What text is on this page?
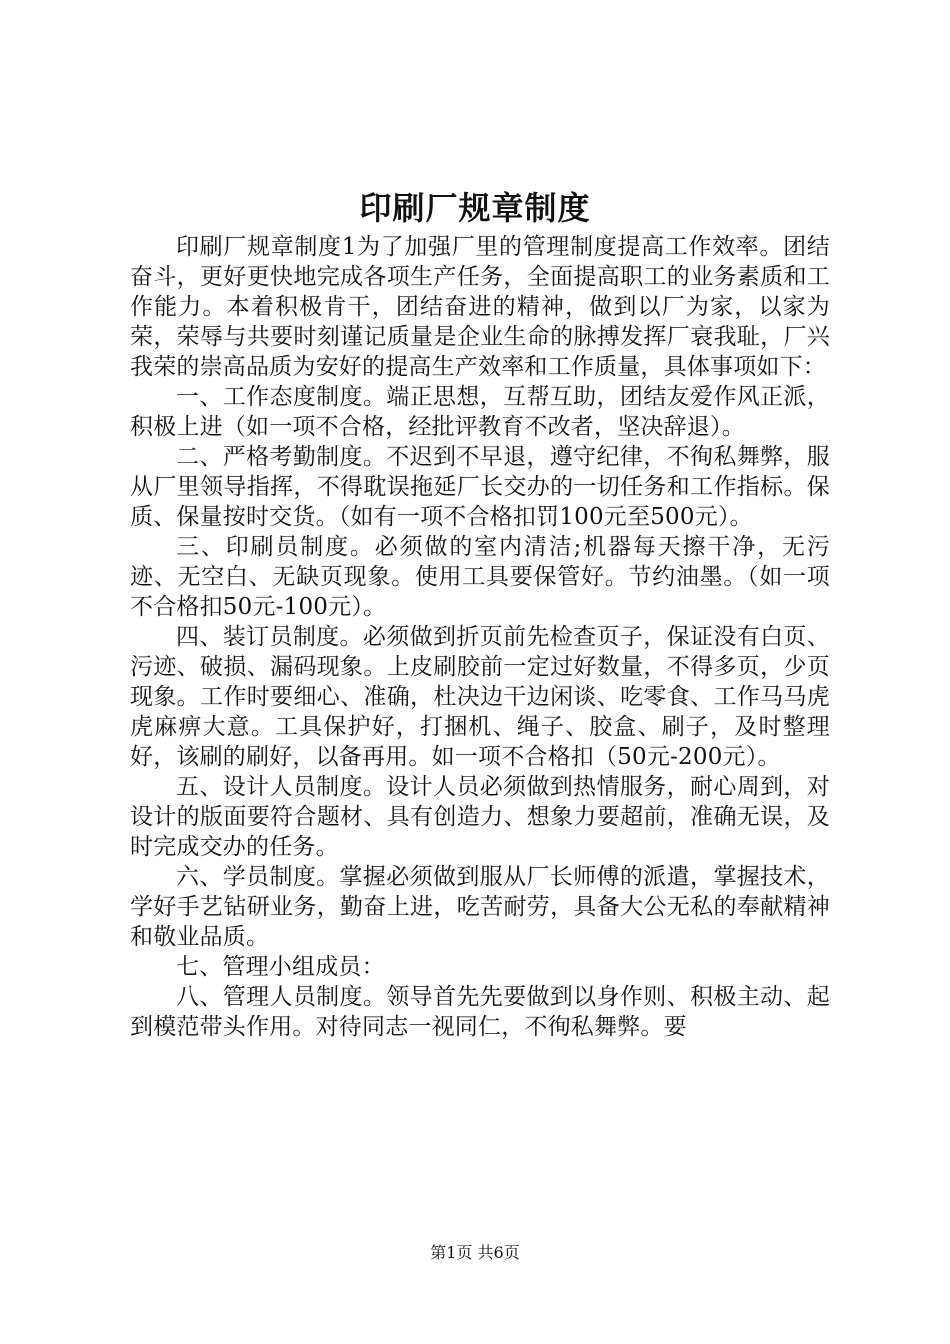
印刷厂规章制度

印刷厂规章制度1为了加强厂里的管理制度提高工作效率。团结奋斗，更好更快地完成各项生产任务，全面提高职工的业务素质和工作能力。本着积极肯干，团结奋进的精神，做到以厂为家，以家为荣，荣辱与共要时刻谨记质量是企业生命的脉搏发挥厂衰我耻，厂兴我荣的崇高品质为安好的提高生产效率和工作质量，具体事项如下：

一、工作态度制度。端正思想，互帮互助，团结友爱作风正派，积极上进（如一项不合格，经批评教育不改者，坚决辞退）。

二、严格考勤制度。不迟到不早退，遵守纪律，不徇私舞弊，服从厂里领导指挥，不得耽误拖延厂长交办的一切任务和工作指标。保质、保量按时交货。（如有一项不合格扣罚100元至500元）。

三、印刷员制度。必须做的室内清洁;机器每天擦干净，无污迹、无空白、无缺页现象。使用工具要保管好。节约油墨。（如一项不合格扣50元-100元）。

四、装订员制度。必须做到折页前先检查页子，保证没有白页、污迹、破损、漏码现象。上皮刷胶前一定过好数量，不得多页，少页现象。工作时要细心、准确，杜决边干边闲谈、吃零食、工作马马虎虎麻痹大意。工具保护好，打捆机、绳子、胶盒、刷子，及时整理好，该刷的刷好，以备再用。如一项不合格扣（50元-200元）。

五、设计人员制度。设计人员必须做到热情服务，耐心周到，对设计的版面要符合题材、具有创造力、想象力要超前，准确无误，及时完成交办的任务。

六、学员制度。掌握必须做到服从厂长师傅的派遣，掌握技术，学好手艺钻研业务，勤奋上进，吃苦耐劳，具备大公无私的奉献精神和敬业品质。

七、管理小组成员：

八、管理人员制度。领导首先先要做到以身作则、积极主动、起到模范带头作用。对待同志一视同仁，不徇私舞弊。要

第1页 共6页
